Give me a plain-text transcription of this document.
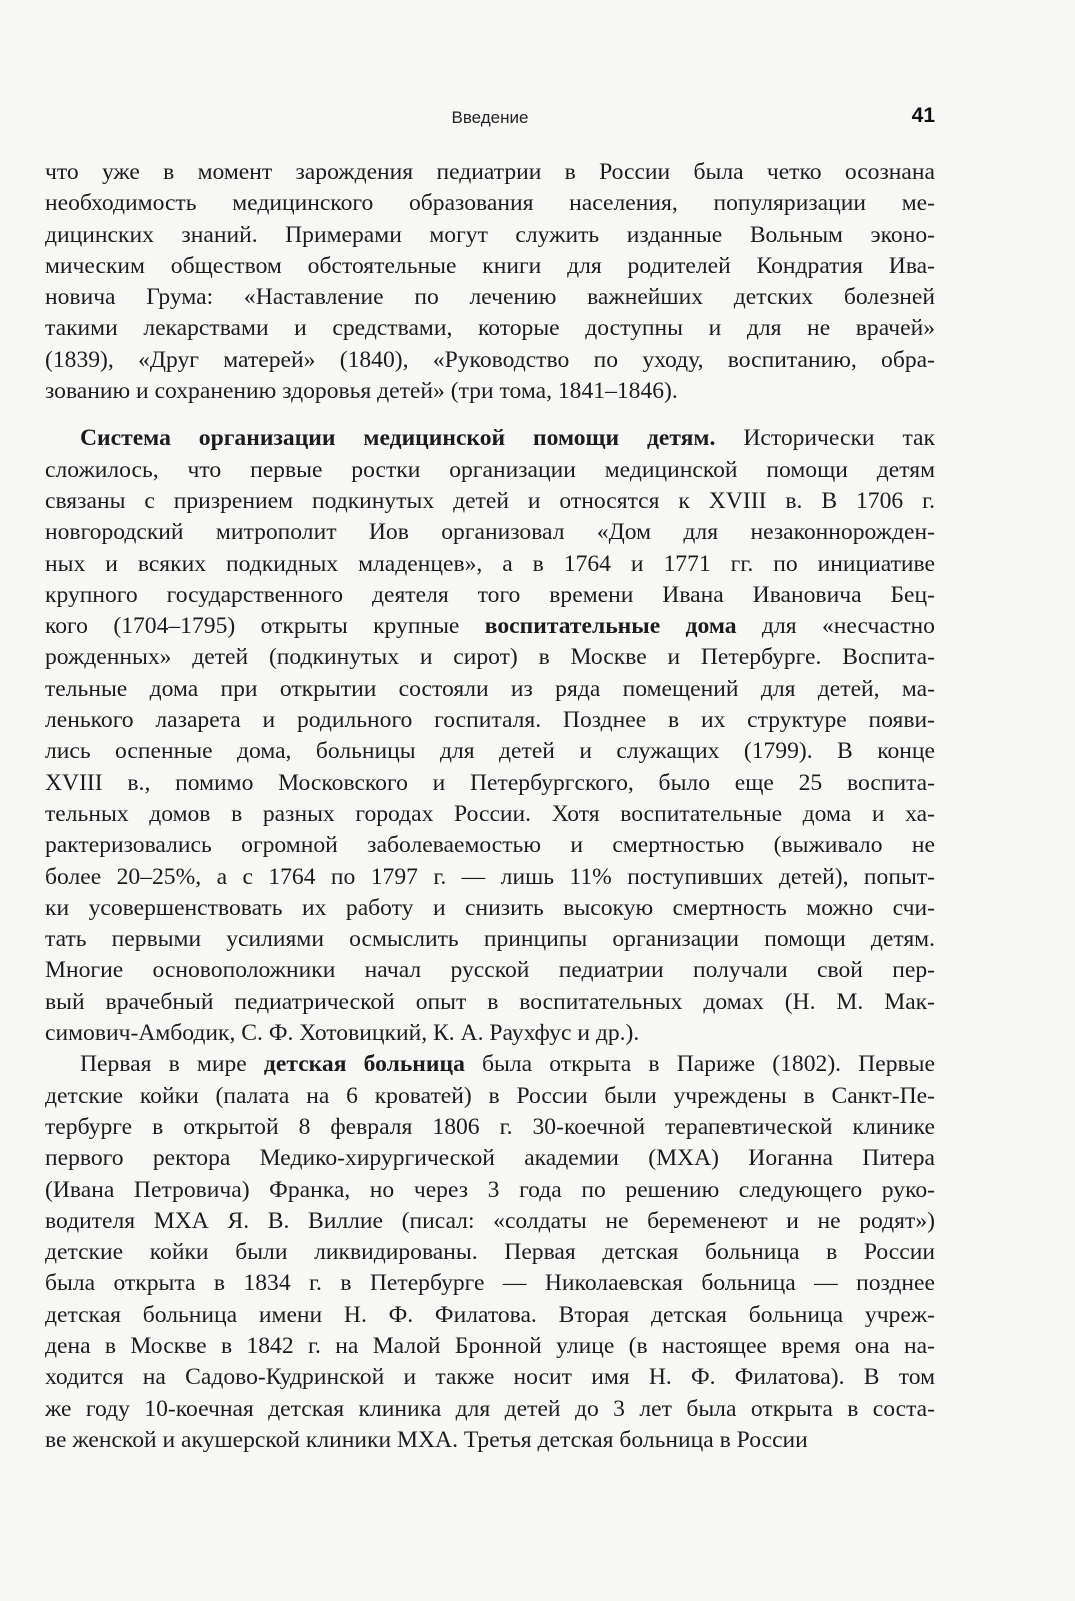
Введение	41
что уже в момент зарождения педиатрии в России была четко осознана
необходимость медицинского образования населения, популяризации ме-
дицинских знаний. Примерами могут служить изданные Вольным эконо-
мическим обществом обстоятельные книги для родителей Кондратия Ива-
новича Грума: «Наставление по лечению важнейших детских болезней
такими лекарствами и средствами, которые доступны и для не врачей»
(1839), «Друг матерей» (1840), «Руководство по уходу, воспитанию, обра-
зованию и сохранению здоровья детей» (три тома, 1841–1846).
Система организации медицинской помощи детям. Исторически так
сложилось, что первые ростки организации медицинской помощи детям
связаны с призрением подкинутых детей и относятся к XVIII в. В 1706 г.
новгородский митрополит Иов организовал «Дом для незаконнорожден-
ных и всяких подкидных младенцев», а в 1764 и 1771 гг. по инициативе
крупного государственного деятеля того времени Ивана Ивановича Бец-
кого (1704–1795) открыты крупные воспитательные дома для «несчастно
рожденных» детей (подкинутых и сирот) в Москве и Петербурге. Воспита-
тельные дома при открытии состояли из ряда помещений для детей, ма-
ленького лазарета и родильного госпиталя. Позднее в их структуре появи-
лись оспенные дома, больницы для детей и служащих (1799). В конце
XVIII в., помимо Московского и Петербургского, было еще 25 воспита-
тельных домов в разных городах России. Хотя воспитательные дома и ха-
рактеризовались огромной заболеваемостью и смертностью (выживало не
более 20–25%, а с 1764 по 1797 г. — лишь 11% поступивших детей), попыт-
ки усовершенствовать их работу и снизить высокую смертность можно счи-
тать первыми усилиями осмыслить принципы организации помощи детям.
Многие основоположники начал русской педиатрии получали свой пер-
вый врачебный педиатрической опыт в воспитательных домах (Н. М. Мак-
симович-Амбодик, С. Ф. Хотовицкий, К. А. Раухфус и др.).
Первая в мире детская больница была открыта в Париже (1802). Первые
детские койки (палата на 6 кроватей) в России были учреждены в Санкт-Пе-
тербурге в открытой 8 февраля 1806 г. 30-коечной терапевтической клинике
первого ректора Медико-хирургической академии (МХА) Иоганна Питера
(Ивана Петровича) Франка, но через 3 года по решению следующего руко-
водителя МХА Я. В. Виллие (писал: «солдаты не беременеют и не родят»)
детские койки были ликвидированы. Первая детская больница в России
была открыта в 1834 г. в Петербурге — Николаевская больница — позднее
детская больница имени Н. Ф. Филатова. Вторая детская больница учреж-
дена в Москве в 1842 г. на Малой Бронной улице (в настоящее время она на-
ходится на Садово-Кудринской и также носит имя Н. Ф. Филатова). В том
же году 10-коечная детская клиника для детей до 3 лет была открыта в соста-
ве женской и акушерской клиники МХА. Третья детская больница в России
